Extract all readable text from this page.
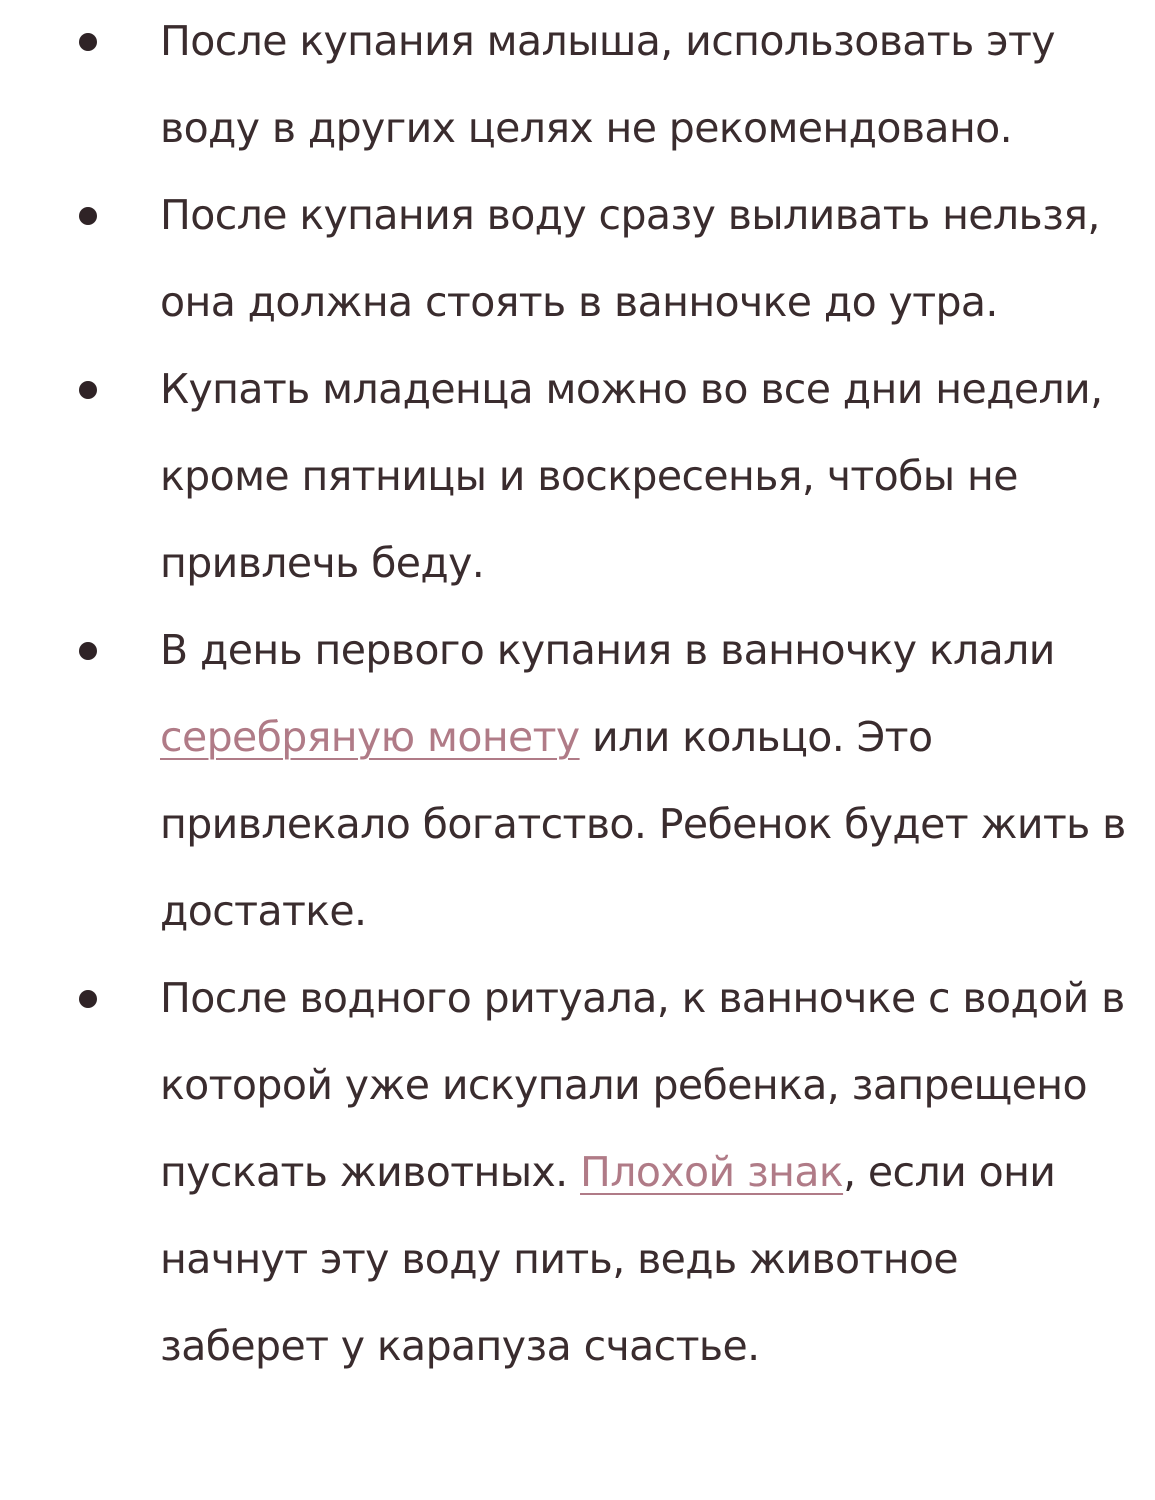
После купания малыша, использовать эту воду в других целях не рекомендовано.
После купания воду сразу выливать нельзя, она должна стоять в ванночке до утра.
Купать младенца можно во все дни недели, кроме пятницы и воскресенья, чтобы не привлечь беду.
В день первого купания в ванночку клали серебряную монету или кольцо. Это привлекало богатство. Ребенок будет жить в достатке.
После водного ритуала, к ванночке с водой в которой уже искупали ребенка, запрещено пускать животных. Плохой знак, если они начнут эту воду пить, ведь животное заберет у карапуза счастье.
